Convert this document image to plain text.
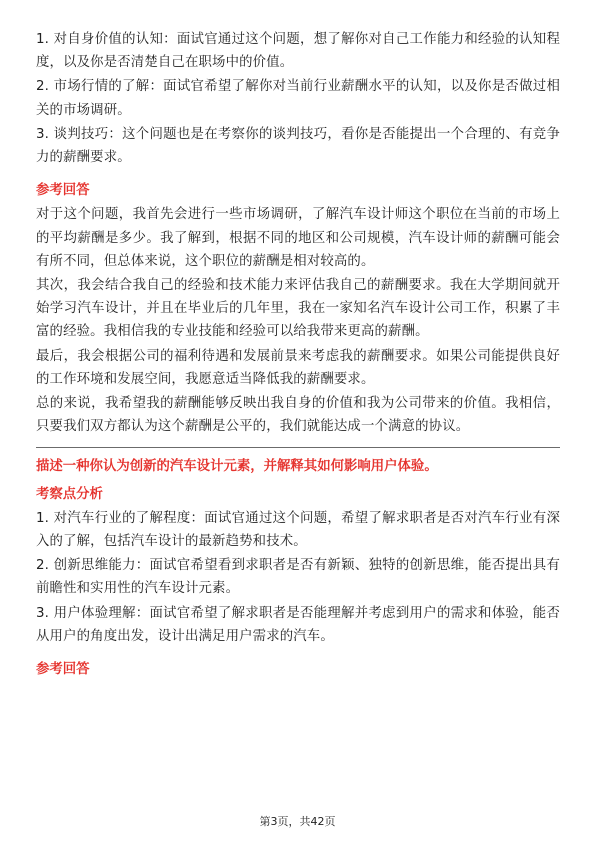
1. 对自身价值的认知：面试官通过这个问题，想了解你对自己工作能力和经验的认知程度，以及你是否清楚自己在职场中的价值。

2. 市场行情的了解：面试官希望了解你对当前行业薪酬水平的认知，以及你是否做过相关的市场调研。

3. 谈判技巧：这个问题也是在考察你的谈判技巧，看你是否能提出一个合理的、有竞争力的薪酬要求。

参考回答

对于这个问题，我首先会进行一些市场调研，了解汽车设计师这个职位在当前的市场上的平均薪酬是多少。我了解到，根据不同的地区和公司规模，汽车设计师的薪酬可能会有所不同，但总体来说，这个职位的薪酬是相对较高的。

其次，我会结合我自己的经验和技术能力来评估我自己的薪酬要求。我在大学期间就开始学习汽车设计，并且在毕业后的几年里，我在一家知名汽车设计公司工作，积累了丰富的经验。我相信我的专业技能和经验可以给我带来更高的薪酬。

最后，我会根据公司的福利待遇和发展前景来考虑我的薪酬要求。如果公司能提供良好的工作环境和发展空间，我愿意适当降低我的薪酬要求。

总的来说，我希望我的薪酬能够反映出我自身的价值和我为公司带来的价值。我相信，只要我们双方都认为这个薪酬是公平的，我们就能达成一个满意的协议。

描述一种你认为创新的汽车设计元素，并解释其如何影响用户体验。
考察点分析

1. 对汽车行业的了解程度：面试官通过这个问题，希望了解求职者是否对汽车行业有深入的了解，包括汽车设计的最新趋势和技术。

2. 创新思维能力：面试官希望看到求职者是否有新颖、独特的创新思维，能否提出具有前瞻性和实用性的汽车设计元素。

3. 用户体验理解：面试官希望了解求职者是否能理解并考虑到用户的需求和体验，能否从用户的角度出发，设计出满足用户需求的汽车。

参考回答
第3页，共42页
